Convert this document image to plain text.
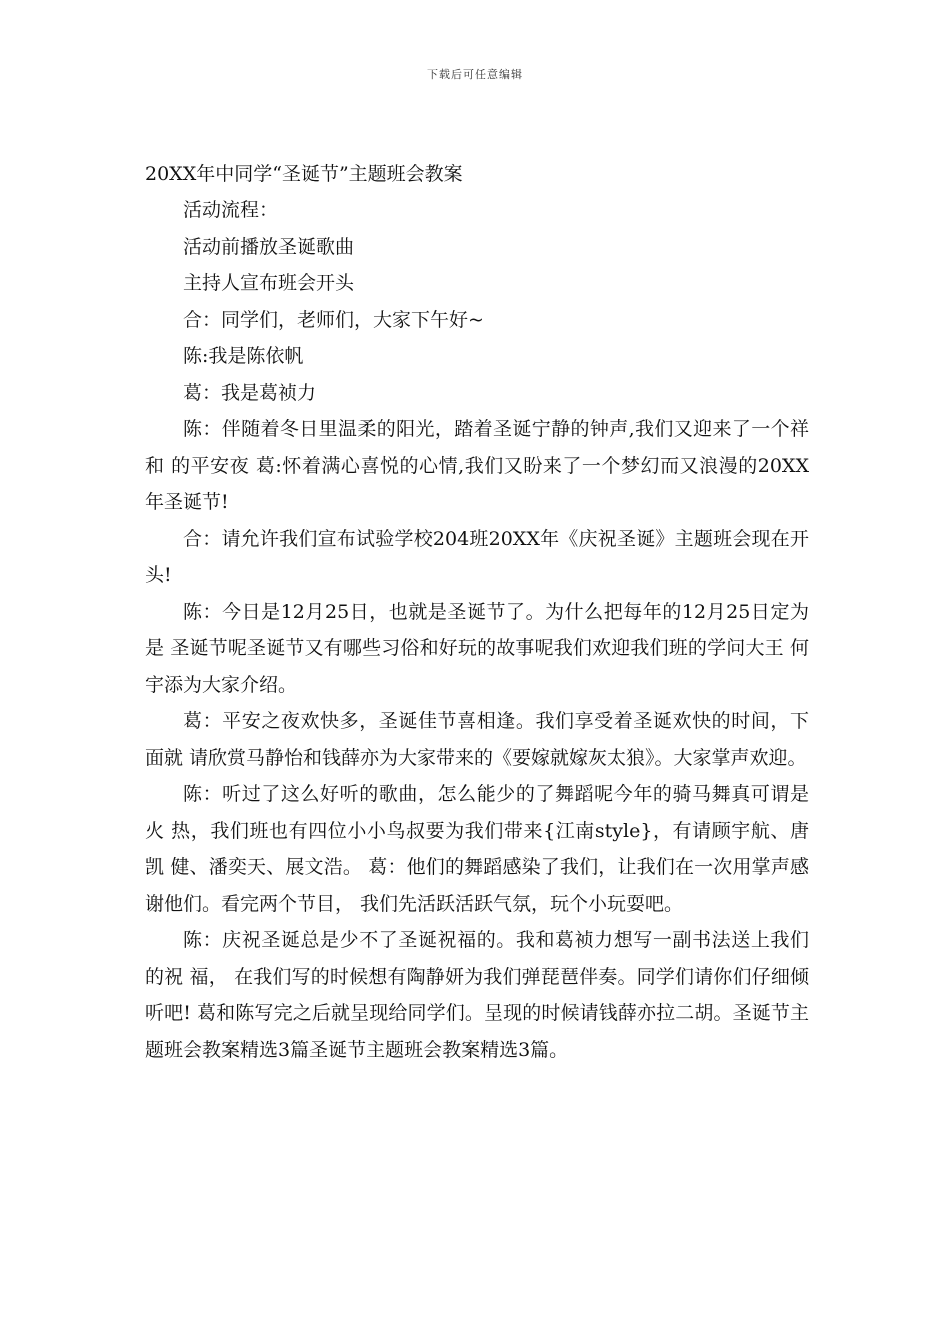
下载后可任意编辑
20XX年中同学“圣诞节”主题班会教案

活动流程：

活动前播放圣诞歌曲

主持人宣布班会开头

合：同学们，老师们，大家下午好~

陈:我是陈依帆

葛：我是葛祯力

陈：伴随着冬日里温柔的阳光，踏着圣诞宁静的钟声,我们又迎来了一个祥和 的平安夜 葛:怀着满心喜悦的心情,我们又盼来了一个梦幻而又浪漫的20XX年圣诞节!

合：请允许我们宣布试验学校204班20XX年《庆祝圣诞》主题班会现在开头!

陈：今日是12月25日，也就是圣诞节了。为什么把每年的12月25日定为是 圣诞节呢圣诞节又有哪些习俗和好玩的故事呢我们欢迎我们班的学问大王 何宇添为大家介绍。

葛：平安之夜欢快多，圣诞佳节喜相逢。我们享受着圣诞欢快的时间，下面就 请欣赏马静怡和钱薛亦为大家带来的《要嫁就嫁灰太狼》。大家掌声欢迎。

陈：听过了这么好听的歌曲，怎么能少的了舞蹈呢今年的骑马舞真可谓是火 热，我们班也有四位小小鸟叔要为我们带来{江南style}，有请顾宇航、唐凯 健、潘奕天、展文浩。 葛：他们的舞蹈感染了我们，让我们在一次用掌声感谢他们。看完两个节目， 我们先活跃活跃气氛，玩个小玩耍吧。

陈：庆祝圣诞总是少不了圣诞祝福的。我和葛祯力想写一副书法送上我们的祝 福， 在我们写的时候想有陶静妍为我们弹琵琶伴奏。同学们请你们仔细倾听吧! 葛和陈写完之后就呈现给同学们。呈现的时候请钱薛亦拉二胡。圣诞节主题班会教案精选3篇圣诞节主题班会教案精选3篇。
